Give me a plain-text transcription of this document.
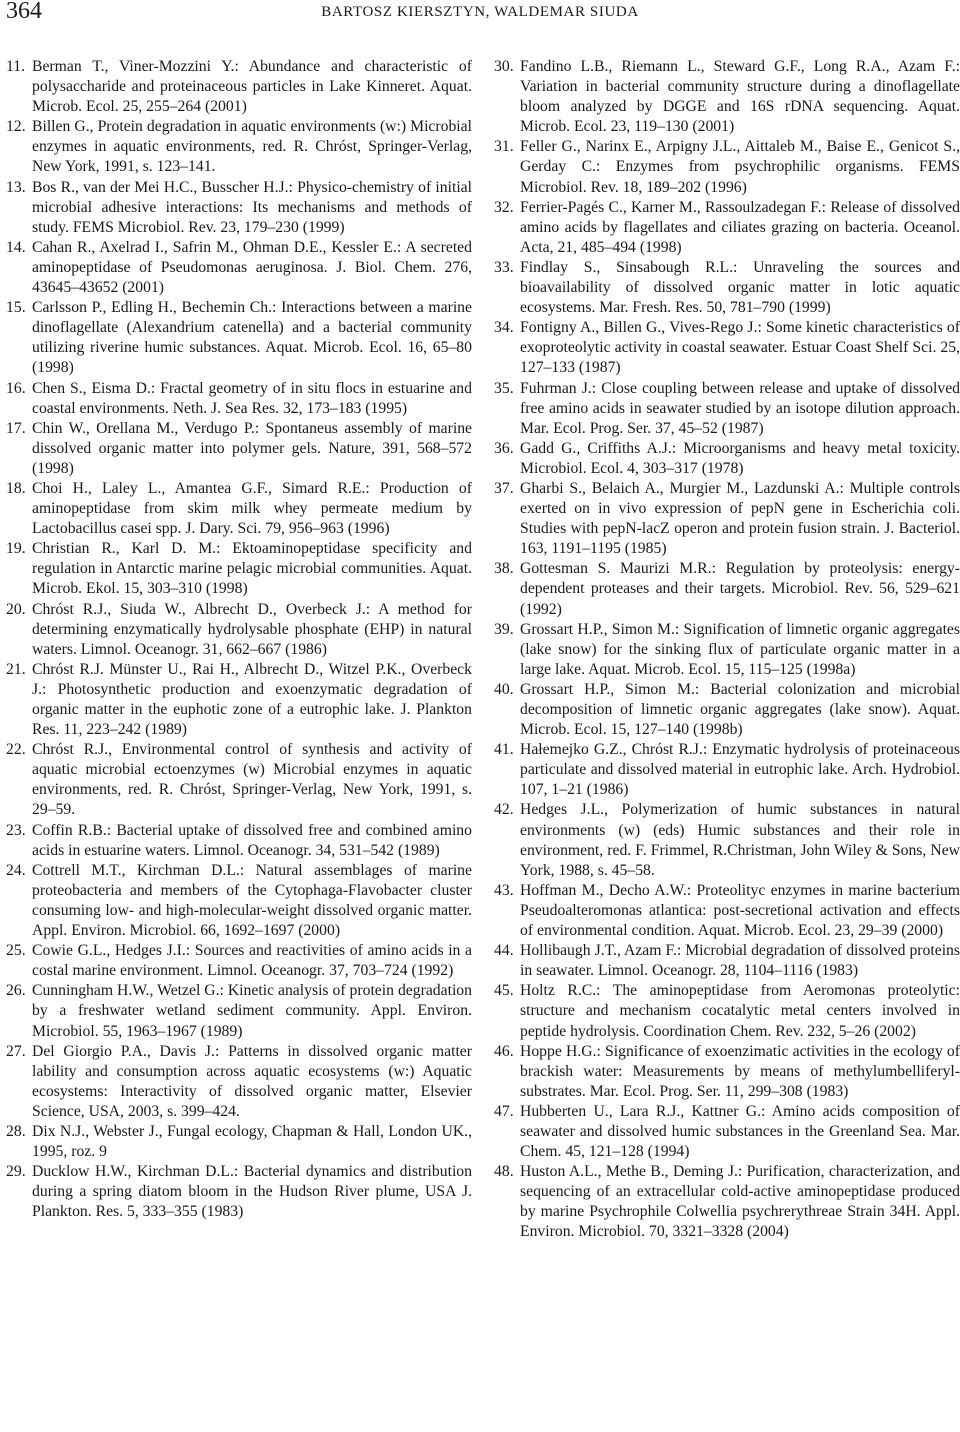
364	BARTOSZ KIERSZTYN, WALDEMAR SIUDA
11. Berman T., Viner-Mozzini Y.: Abundance and characteristic of polysaccharide and proteinaceous particles in Lake Kinneret. Aquat. Microb. Ecol. 25, 255–264 (2001)
12. Billen G., Protein degradation in aquatic environments (w:) Microbial enzymes in aquatic environments, red. R. Chróst, Springer-Verlag, New York, 1991, s. 123–141.
13. Bos R., van der Mei H.C., Busscher H.J.: Physico-chemistry of initial microbial adhesive interactions: Its mechanisms and methods of study. FEMS Microbiol. Rev. 23, 179–230 (1999)
14. Cahan R., Axelrad I., Safrin M., Ohman D.E., Kessler E.: A secreted aminopeptidase of Pseudomonas aeruginosa. J. Biol. Chem. 276, 43645–43652 (2001)
15. Carlsson P., Edling H., Bechemin Ch.: Interactions between a marine dinoflagellate (Alexandrium catenella) and a bacterial community utilizing riverine humic substances. Aquat. Microb. Ecol. 16, 65–80 (1998)
16. Chen S., Eisma D.: Fractal geometry of in situ flocs in estuarine and coastal environments. Neth. J. Sea Res. 32, 173–183 (1995)
17. Chin W., Orellana M., Verdugo P.: Spontaneus assembly of marine dissolved organic matter into polymer gels. Nature, 391, 568–572 (1998)
18. Choi H., Laley L., Amantea G.F., Simard R.E.: Production of aminopeptidase from skim milk whey permeate medium by Lactobacillus casei spp. J. Dary. Sci. 79, 956–963 (1996)
19. Christian R., Karl D. M.: Ektoaminopeptidase specificity and regulation in Antarctic marine pelagic microbial communities. Aquat. Microb. Ekol. 15, 303–310 (1998)
20. Chróst R.J., Siuda W., Albrecht D., Overbeck J.: A method for determining enzymatically hydrolysable phosphate (EHP) in natural waters. Limnol. Oceanogr. 31, 662–667 (1986)
21. Chróst R.J. Münster U., Rai H., Albrecht D., Witzel P.K., Overbeck J.: Photosynthetic production and exoenzymatic degradation of organic matter in the euphotic zone of a eutrophic lake. J. Plankton Res. 11, 223–242 (1989)
22. Chróst R.J., Environmental control of synthesis and activity of aquatic microbial ectoenzymes (w) Microbial enzymes in aquatic environments, red. R. Chróst, Springer-Verlag, New York, 1991, s. 29–59.
23. Coffin R.B.: Bacterial uptake of dissolved free and combined amino acids in estuarine waters. Limnol. Oceanogr. 34, 531–542 (1989)
24. Cottrell M.T., Kirchman D.L.: Natural assemblages of marine proteobacteria and members of the Cytophaga-Flavobacter cluster consuming low- and high-molecular-weight dissolved organic matter. Appl. Environ. Microbiol. 66, 1692–1697 (2000)
25. Cowie G.L., Hedges J.I.: Sources and reactivities of amino acids in a costal marine environment. Limnol. Oceanogr. 37, 703–724 (1992)
26. Cunningham H.W., Wetzel G.: Kinetic analysis of protein degradation by a freshwater wetland sediment community. Appl. Environ. Microbiol. 55, 1963–1967 (1989)
27. Del Giorgio P.A., Davis J.: Patterns in dissolved organic matter lability and consumption across aquatic ecosystems (w:) Aquatic ecosystems: Interactivity of dissolved organic matter, Elsevier Science, USA, 2003, s. 399–424.
28. Dix N.J., Webster J., Fungal ecology, Chapman & Hall, London UK., 1995, roz. 9
29. Ducklow H.W., Kirchman D.L.: Bacterial dynamics and distribution during a spring diatom bloom in the Hudson River plume, USA J. Plankton. Res. 5, 333–355 (1983)
30. Fandino L.B., Riemann L., Steward G.F., Long R.A., Azam F.: Variation in bacterial community structure during a dinoflagellate bloom analyzed by DGGE and 16S rDNA sequencing. Aquat. Microb. Ecol. 23, 119–130 (2001)
31. Feller G., Narinx E., Arpigny J.L., Aittaleb M., Baise E., Genicot S., Gerday C.: Enzymes from psychrophilic organisms. FEMS Microbiol. Rev. 18, 189–202 (1996)
32. Ferrier-Pagés C., Karner M., Rassoulzadegan F.: Release of dissolved amino acids by flagellates and ciliates grazing on bacteria. Oceanol. Acta, 21, 485–494 (1998)
33. Findlay S., Sinsabough R.L.: Unraveling the sources and bioavailability of dissolved organic matter in lotic aquatic ecosystems. Mar. Fresh. Res. 50, 781–790 (1999)
34. Fontigny A., Billen G., Vives-Rego J.: Some kinetic characteristics of exoproteolytic activity in coastal seawater. Estuar Coast Shelf Sci. 25, 127–133 (1987)
35. Fuhrman J.: Close coupling between release and uptake of dissolved free amino acids in seawater studied by an isotope dilution approach. Mar. Ecol. Prog. Ser. 37, 45–52 (1987)
36. Gadd G., Criffiths A.J.: Microorganisms and heavy metal toxicity. Microbiol. Ecol. 4, 303–317 (1978)
37. Gharbi S., Belaich A., Murgier M., Lazdunski A.: Multiple controls exerted on in vivo expression of pepN gene in Escherichia coli. Studies with pepN-lacZ operon and protein fusion strain. J. Bacteriol. 163, 1191–1195 (1985)
38. Gottesman S. Maurizi M.R.: Regulation by proteolysis: energy-dependent proteases and their targets. Microbiol. Rev. 56, 529–621 (1992)
39. Grossart H.P., Simon M.: Signification of limnetic organic aggregates (lake snow) for the sinking flux of particulate organic matter in a large lake. Aquat. Microb. Ecol. 15, 115–125 (1998a)
40. Grossart H.P., Simon M.: Bacterial colonization and microbial decomposition of limnetic organic aggregates (lake snow). Aquat. Microb. Ecol. 15, 127–140 (1998b)
41. Hałemejko G.Z., Chróst R.J.: Enzymatic hydrolysis of proteinaceous particulate and dissolved material in eutrophic lake. Arch. Hydrobiol. 107, 1–21 (1986)
42. Hedges J.L., Polymerization of humic substances in natural environments (w) (eds) Humic substances and their role in environment, red. F. Frimmel, R.Christman, John Wiley & Sons, New York, 1988, s. 45–58.
43. Hoffman M., Decho A.W.: Proteolityc enzymes in marine bacterium Pseudoalteromonas atlantica: post-secretional activation and effects of environmental condition. Aquat. Microb. Ecol. 23, 29–39 (2000)
44. Hollibaugh J.T., Azam F.: Microbial degradation of dissolved proteins in seawater. Limnol. Oceanogr. 28, 1104–1116 (1983)
45. Holtz R.C.: The aminopeptidase from Aeromonas proteolytic: structure and mechanism cocatalytic metal centers involved in peptide hydrolysis. Coordination Chem. Rev. 232, 5–26 (2002)
46. Hoppe H.G.: Significance of exoenzimatic activities in the ecology of brackish water: Measurements by means of methylumbelliferyl-substrates. Mar. Ecol. Prog. Ser. 11, 299–308 (1983)
47. Hubberten U., Lara R.J., Kattner G.: Amino acids composition of seawater and dissolved humic substances in the Greenland Sea. Mar. Chem. 45, 121–128 (1994)
48. Huston A.L., Methe B., Deming J.: Purification, characterization, and sequencing of an extracellular cold-active aminopeptidase produced by marine Psychrophile Colwellia psychrerythreae Strain 34H. Appl. Environ. Microbiol. 70, 3321–3328 (2004)
